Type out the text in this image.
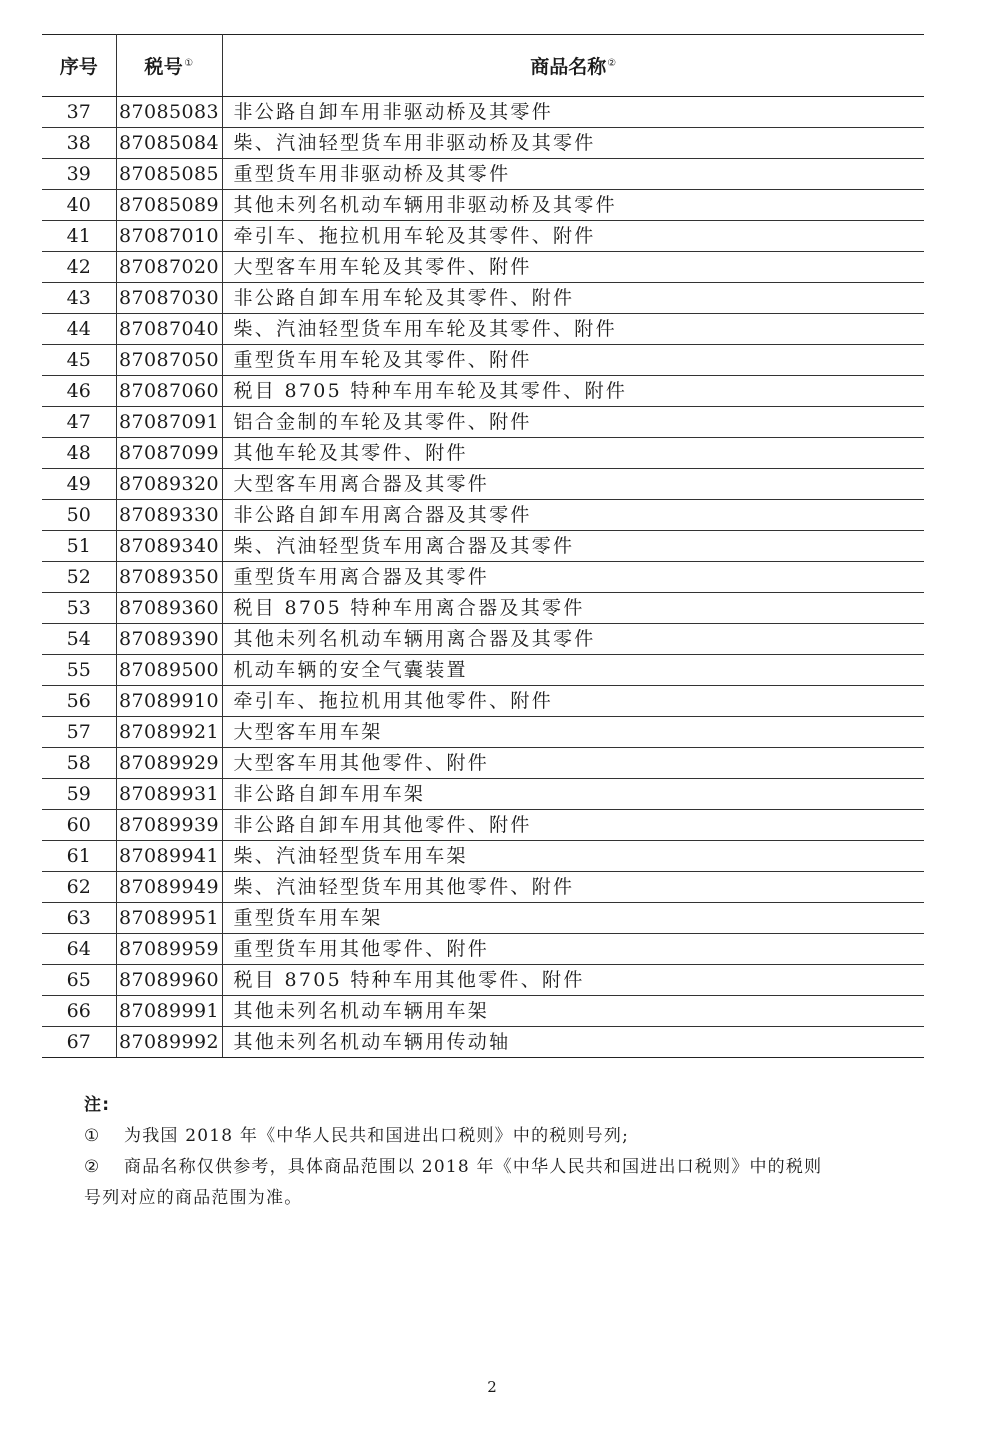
序号	税号①	商品名称②
37	87085083	非公路自卸车用非驱动桥及其零件
38	87085084	柴、汽油轻型货车用非驱动桥及其零件
39	87085085	重型货车用非驱动桥及其零件
40	87085089	其他未列名机动车辆用非驱动桥及其零件
41	87087010	牵引车、拖拉机用车轮及其零件、附件
42	87087020	大型客车用车轮及其零件、附件
43	87087030	非公路自卸车用车轮及其零件、附件
44	87087040	柴、汽油轻型货车用车轮及其零件、附件
45	87087050	重型货车用车轮及其零件、附件
46	87087060	税目 8705 特种车用车轮及其零件、附件
47	87087091	铝合金制的车轮及其零件、附件
48	87087099	其他车轮及其零件、附件
49	87089320	大型客车用离合器及其零件
50	87089330	非公路自卸车用离合器及其零件
51	87089340	柴、汽油轻型货车用离合器及其零件
52	87089350	重型货车用离合器及其零件
53	87089360	税目 8705 特种车用离合器及其零件
54	87089390	其他未列名机动车辆用离合器及其零件
55	87089500	机动车辆的安全气囊装置
56	87089910	牵引车、拖拉机用其他零件、附件
57	87089921	大型客车用车架
58	87089929	大型客车用其他零件、附件
59	87089931	非公路自卸车用车架
60	87089939	非公路自卸车用其他零件、附件
61	87089941	柴、汽油轻型货车用车架
62	87089949	柴、汽油轻型货车用其他零件、附件
63	87089951	重型货车用车架
64	87089959	重型货车用其他零件、附件
65	87089960	税目 8705 特种车用其他零件、附件
66	87089991	其他未列名机动车辆用车架
67	87089992	其他未列名机动车辆用传动轴
注:
① 为我国 2018 年《中华人民共和国进出口税则》中的税则号列;
② 商品名称仅供参考，具体商品范围以 2018 年《中华人民共和国进出口税则》中的税则
号列对应的商品范围为准。
2
